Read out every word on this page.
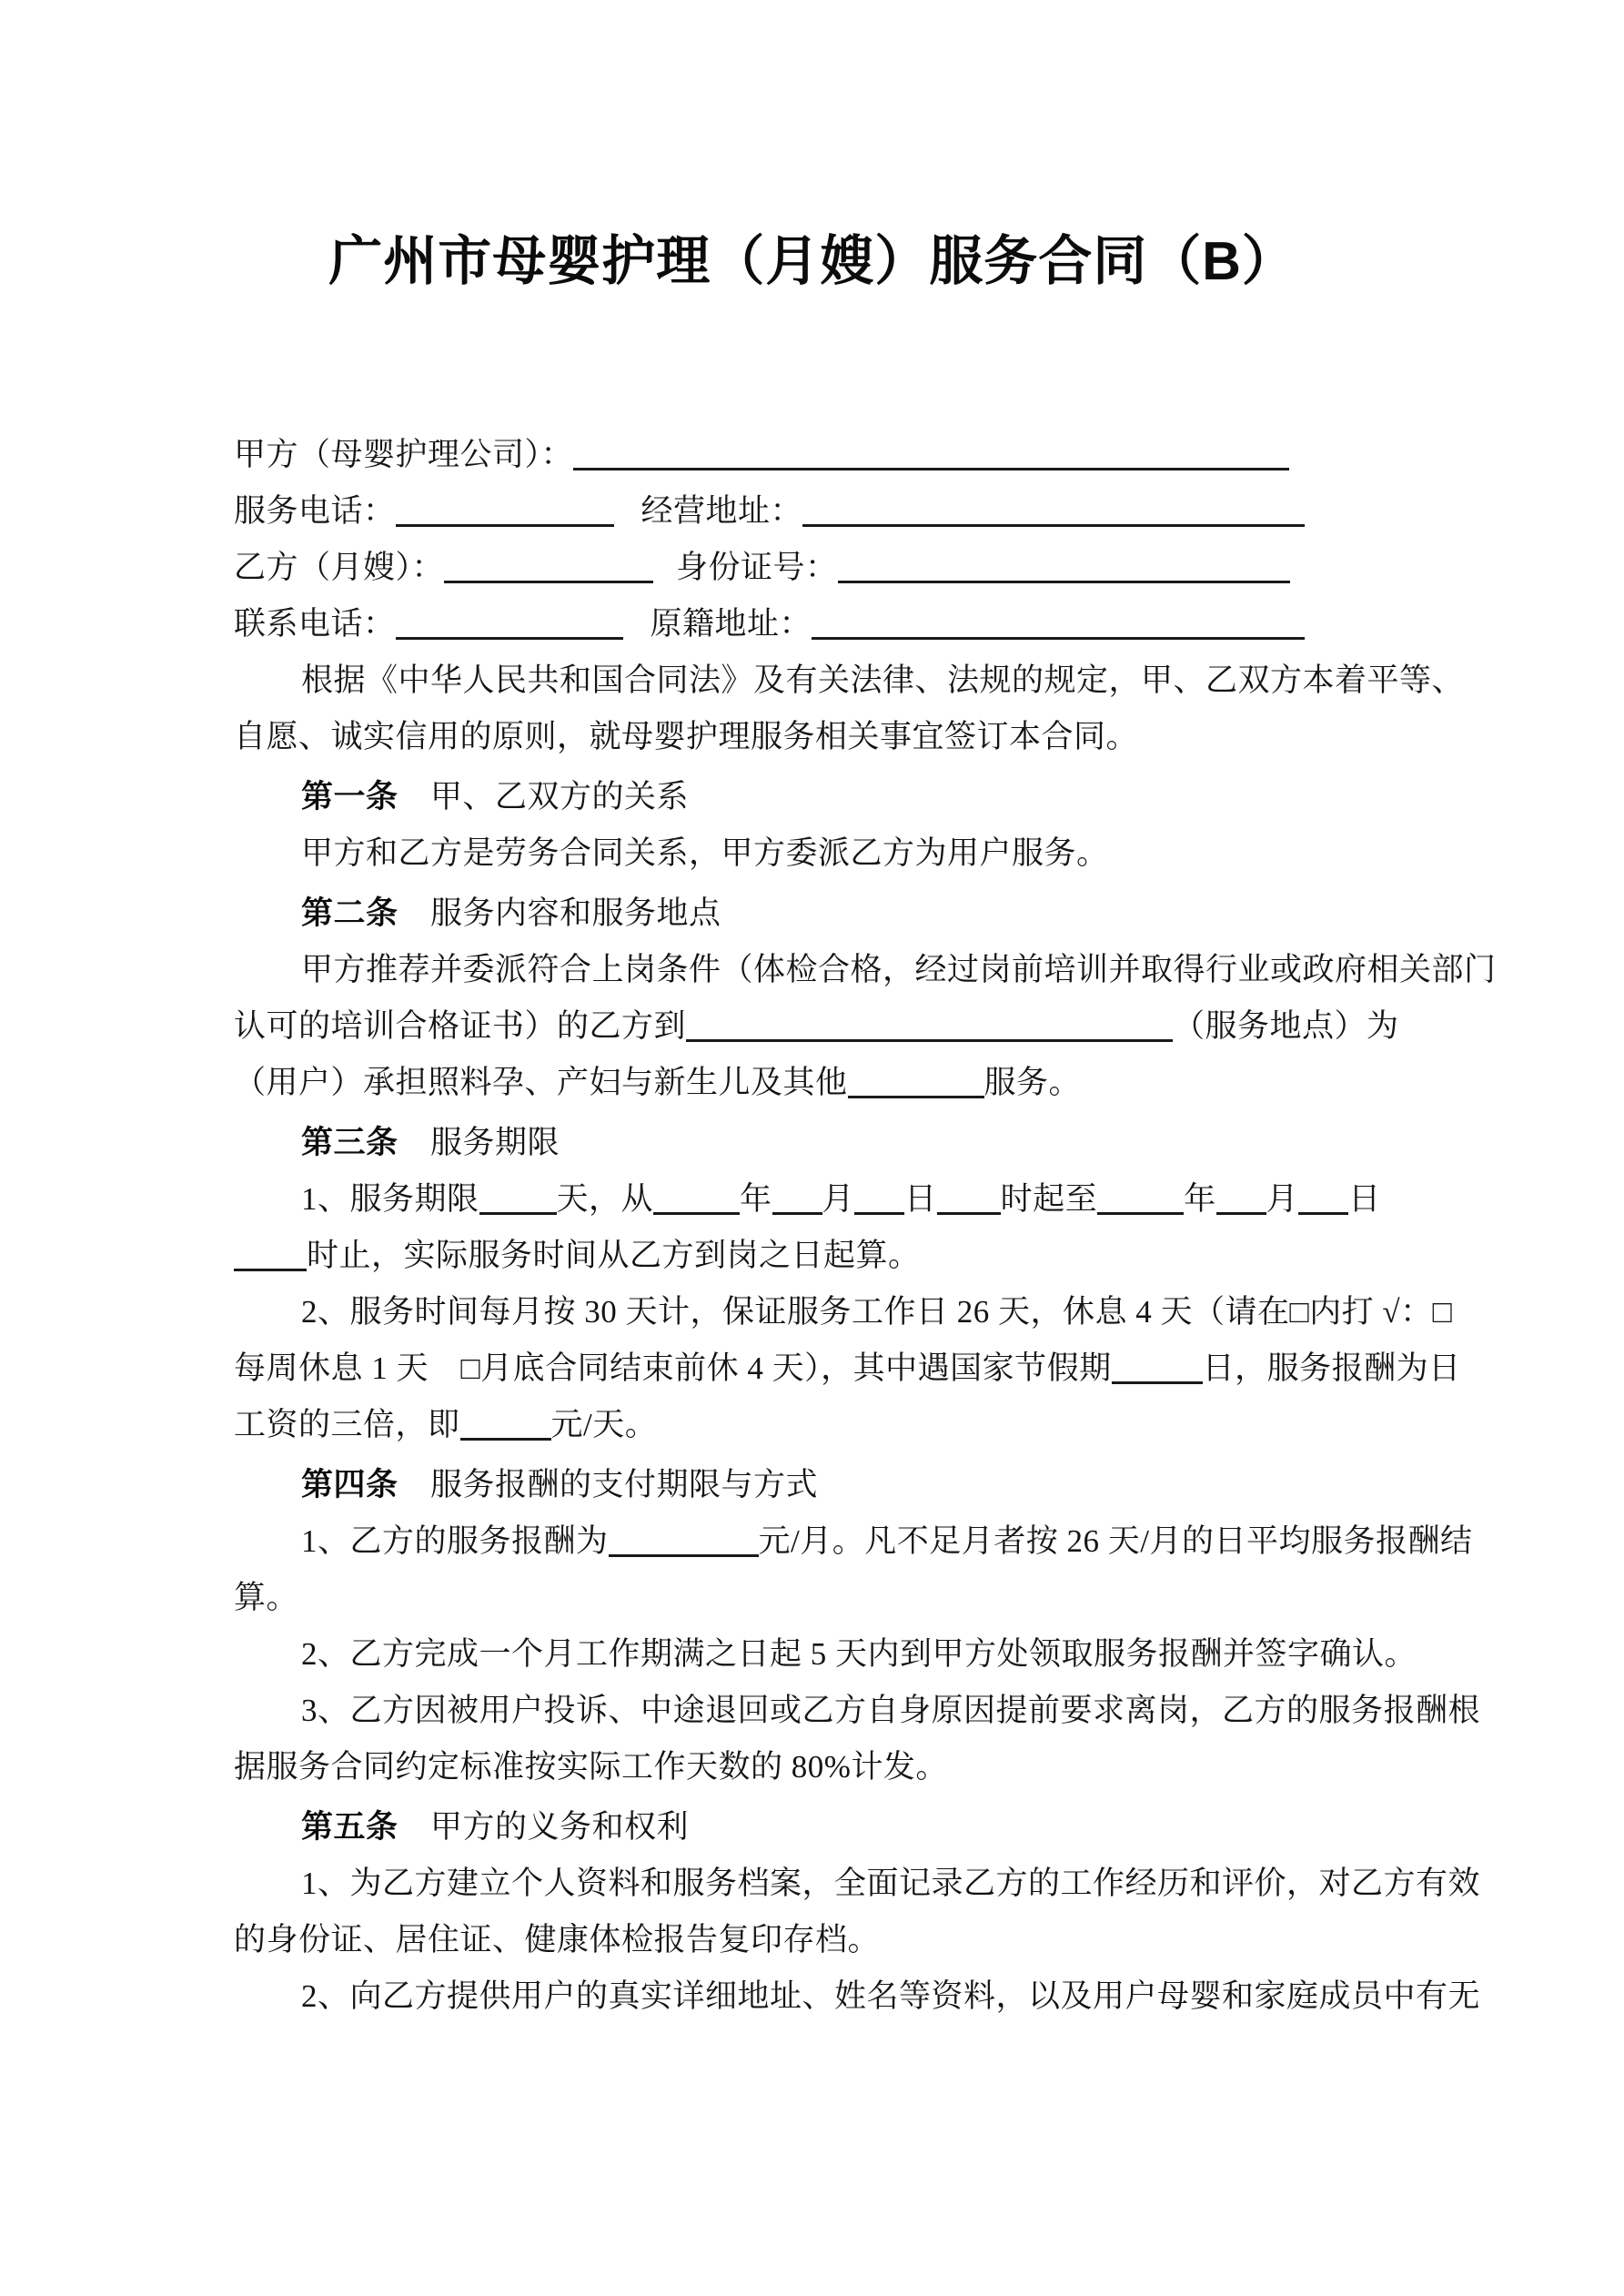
广州市母婴护理（月嫂）服务合同（B）
甲方（母婴护理公司）：
服务电话：	经营地址：
乙方（月嫂）：	身份证号：
联系电话：	原籍地址：
根据《中华人民共和国合同法》及有关法律、法规的规定，甲、乙双方本着平等、
自愿、诚实信用的原则，就母婴护理服务相关事宜签订本合同。
第一条　甲、乙双方的关系
甲方和乙方是劳务合同关系，甲方委派乙方为用户服务。
第二条　服务内容和服务地点
甲方推荐并委派符合上岗条件（体检合格，经过岗前培训并取得行业或政府相关部门
认可的培训合格证书）的乙方到	（服务地点）为
（用户）承担照料孕、产妇与新生儿及其他	服务。
第三条　服务期限
1、服务期限 天，从	年 月 日 时起至	年 月 日
时止，实际服务时间从乙方到岗之日起算。
2、服务时间每月按 30 天计，保证服务工作日 26 天，休息 4 天（请在□内打 √：□
每周休息 1 天　□月底合同结束前休 4 天），其中遇国家节假期	日，服务报酬为日
工资的三倍，即	元/天。
第四条　服务报酬的支付期限与方式
1、乙方的服务报酬为	元/月。凡不足月者按 26 天/月的日平均服务报酬结
算。
2、乙方完成一个月工作期满之日起 5 天内到甲方处领取服务报酬并签字确认。
3、乙方因被用户投诉、中途退回或乙方自身原因提前要求离岗，乙方的服务报酬根
据服务合同约定标准按实际工作天数的 80%计发。
第五条　甲方的义务和权利
1、为乙方建立个人资料和服务档案，全面记录乙方的工作经历和评价，对乙方有效
的身份证、居住证、健康体检报告复印存档。
2、向乙方提供用户的真实详细地址、姓名等资料，以及用户母婴和家庭成员中有无
